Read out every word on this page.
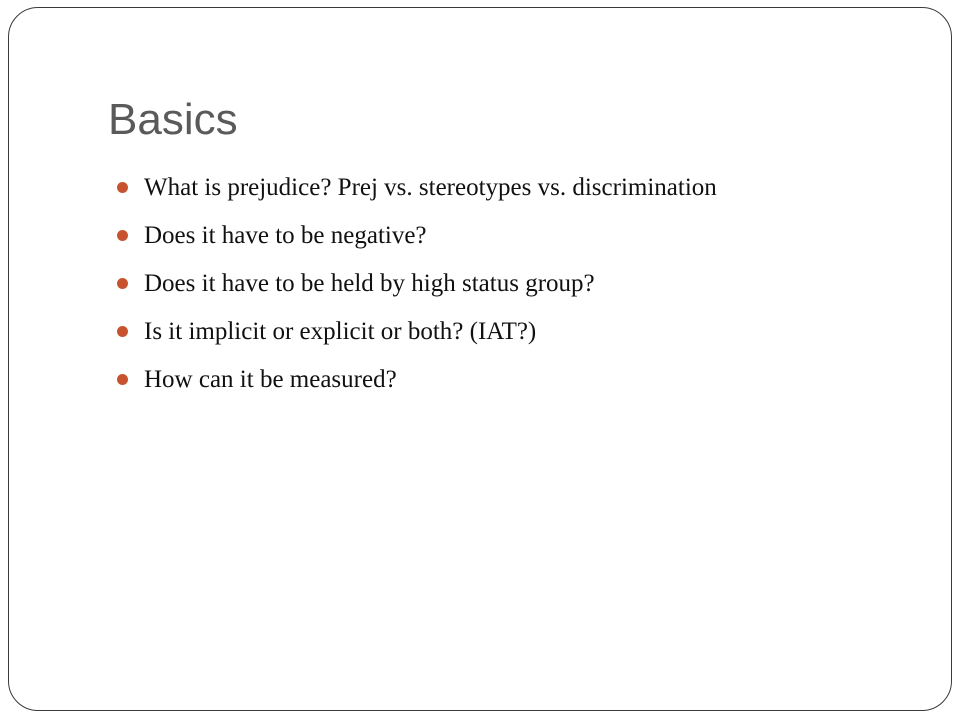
Basics
What is prejudice? Prej vs. stereotypes vs. discrimination
Does it have to be negative?
Does it have to be held by high status group?
Is it implicit or explicit or both? (IAT?)
How can it be measured?
